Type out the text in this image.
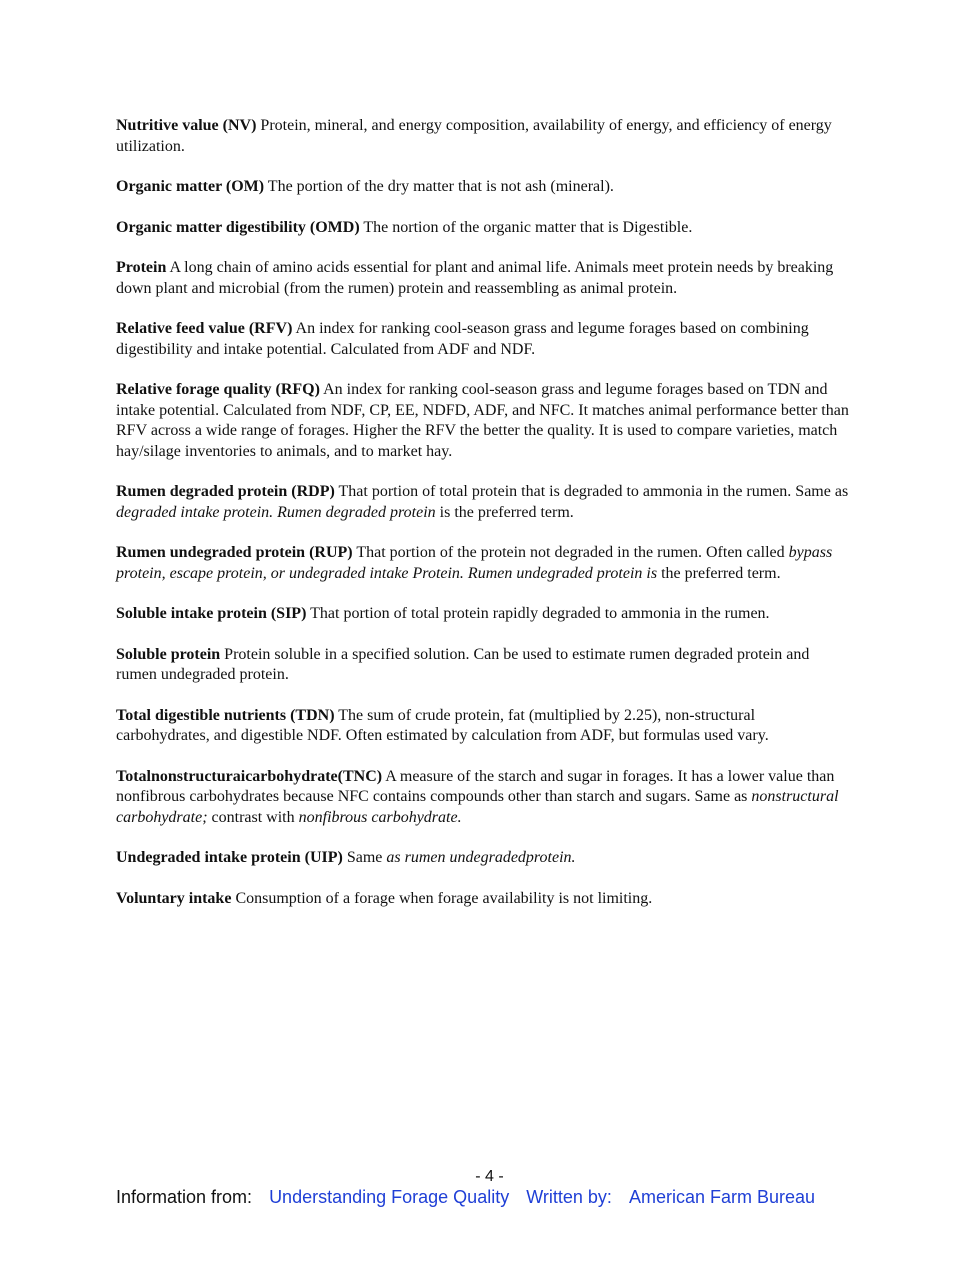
Nutritive value (NV) Protein, mineral, and energy composition, availability of energy, and efficiency of energy utilization.

Organic matter (OM) The portion of the dry matter that is not ash (mineral).

Organic matter digestibility (OMD) The nortion of the organic matter that is Digestible.

Protein A long chain of amino acids essential for plant and animal life. Animals meet protein needs by breaking down plant and microbial (from the rumen) protein and reassembling as animal protein.

Relative feed value (RFV) An index for ranking cool-season grass and legume forages based on combining digestibility and intake potential. Calculated from ADF and NDF.

Relative forage quality (RFQ) An index for ranking cool-season grass and legume forages based on TDN and intake potential. Calculated from NDF, CP, EE, NDFD, ADF, and NFC. It matches animal performance better than RFV across a wide range of forages. Higher the RFV the better the quality. It is used to compare varieties, match hay/silage inventories to animals, and to market hay.

Rumen degraded protein (RDP) That portion of total protein that is degraded to ammonia in the rumen. Same as degraded intake protein. Rumen degraded protein is the preferred term.

Rumen undegraded protein (RUP) That portion of the protein not degraded in the rumen. Often called bypass protein, escape protein, or undegraded intake Protein. Rumen undegraded protein is the preferred term.

Soluble intake protein (SIP) That portion of total protein rapidly degraded to ammonia in the rumen.

Soluble protein Protein soluble in a specified solution. Can be used to estimate rumen degraded protein and rumen undegraded protein.

Total digestible nutrients (TDN) The sum of crude protein, fat (multiplied by 2.25), non-structural carbohydrates, and digestible NDF. Often estimated by calculation from ADF, but formulas used vary.

Totalnonstructuraicarbohydrate(TNC) A measure of the starch and sugar in forages. It has a lower value than nonfibrous carbohydrates because NFC contains compounds other than starch and sugars. Same as nonstructural carbohydrate; contrast with nonfibrous carbohydrate.

Undegraded intake protein (UIP) Same as rumen undegradedprotein.

Voluntary intake Consumption of a forage when forage availability is not limiting.

- 4 -
Information from: Understanding Forage Quality Written by: American Farm Bureau
